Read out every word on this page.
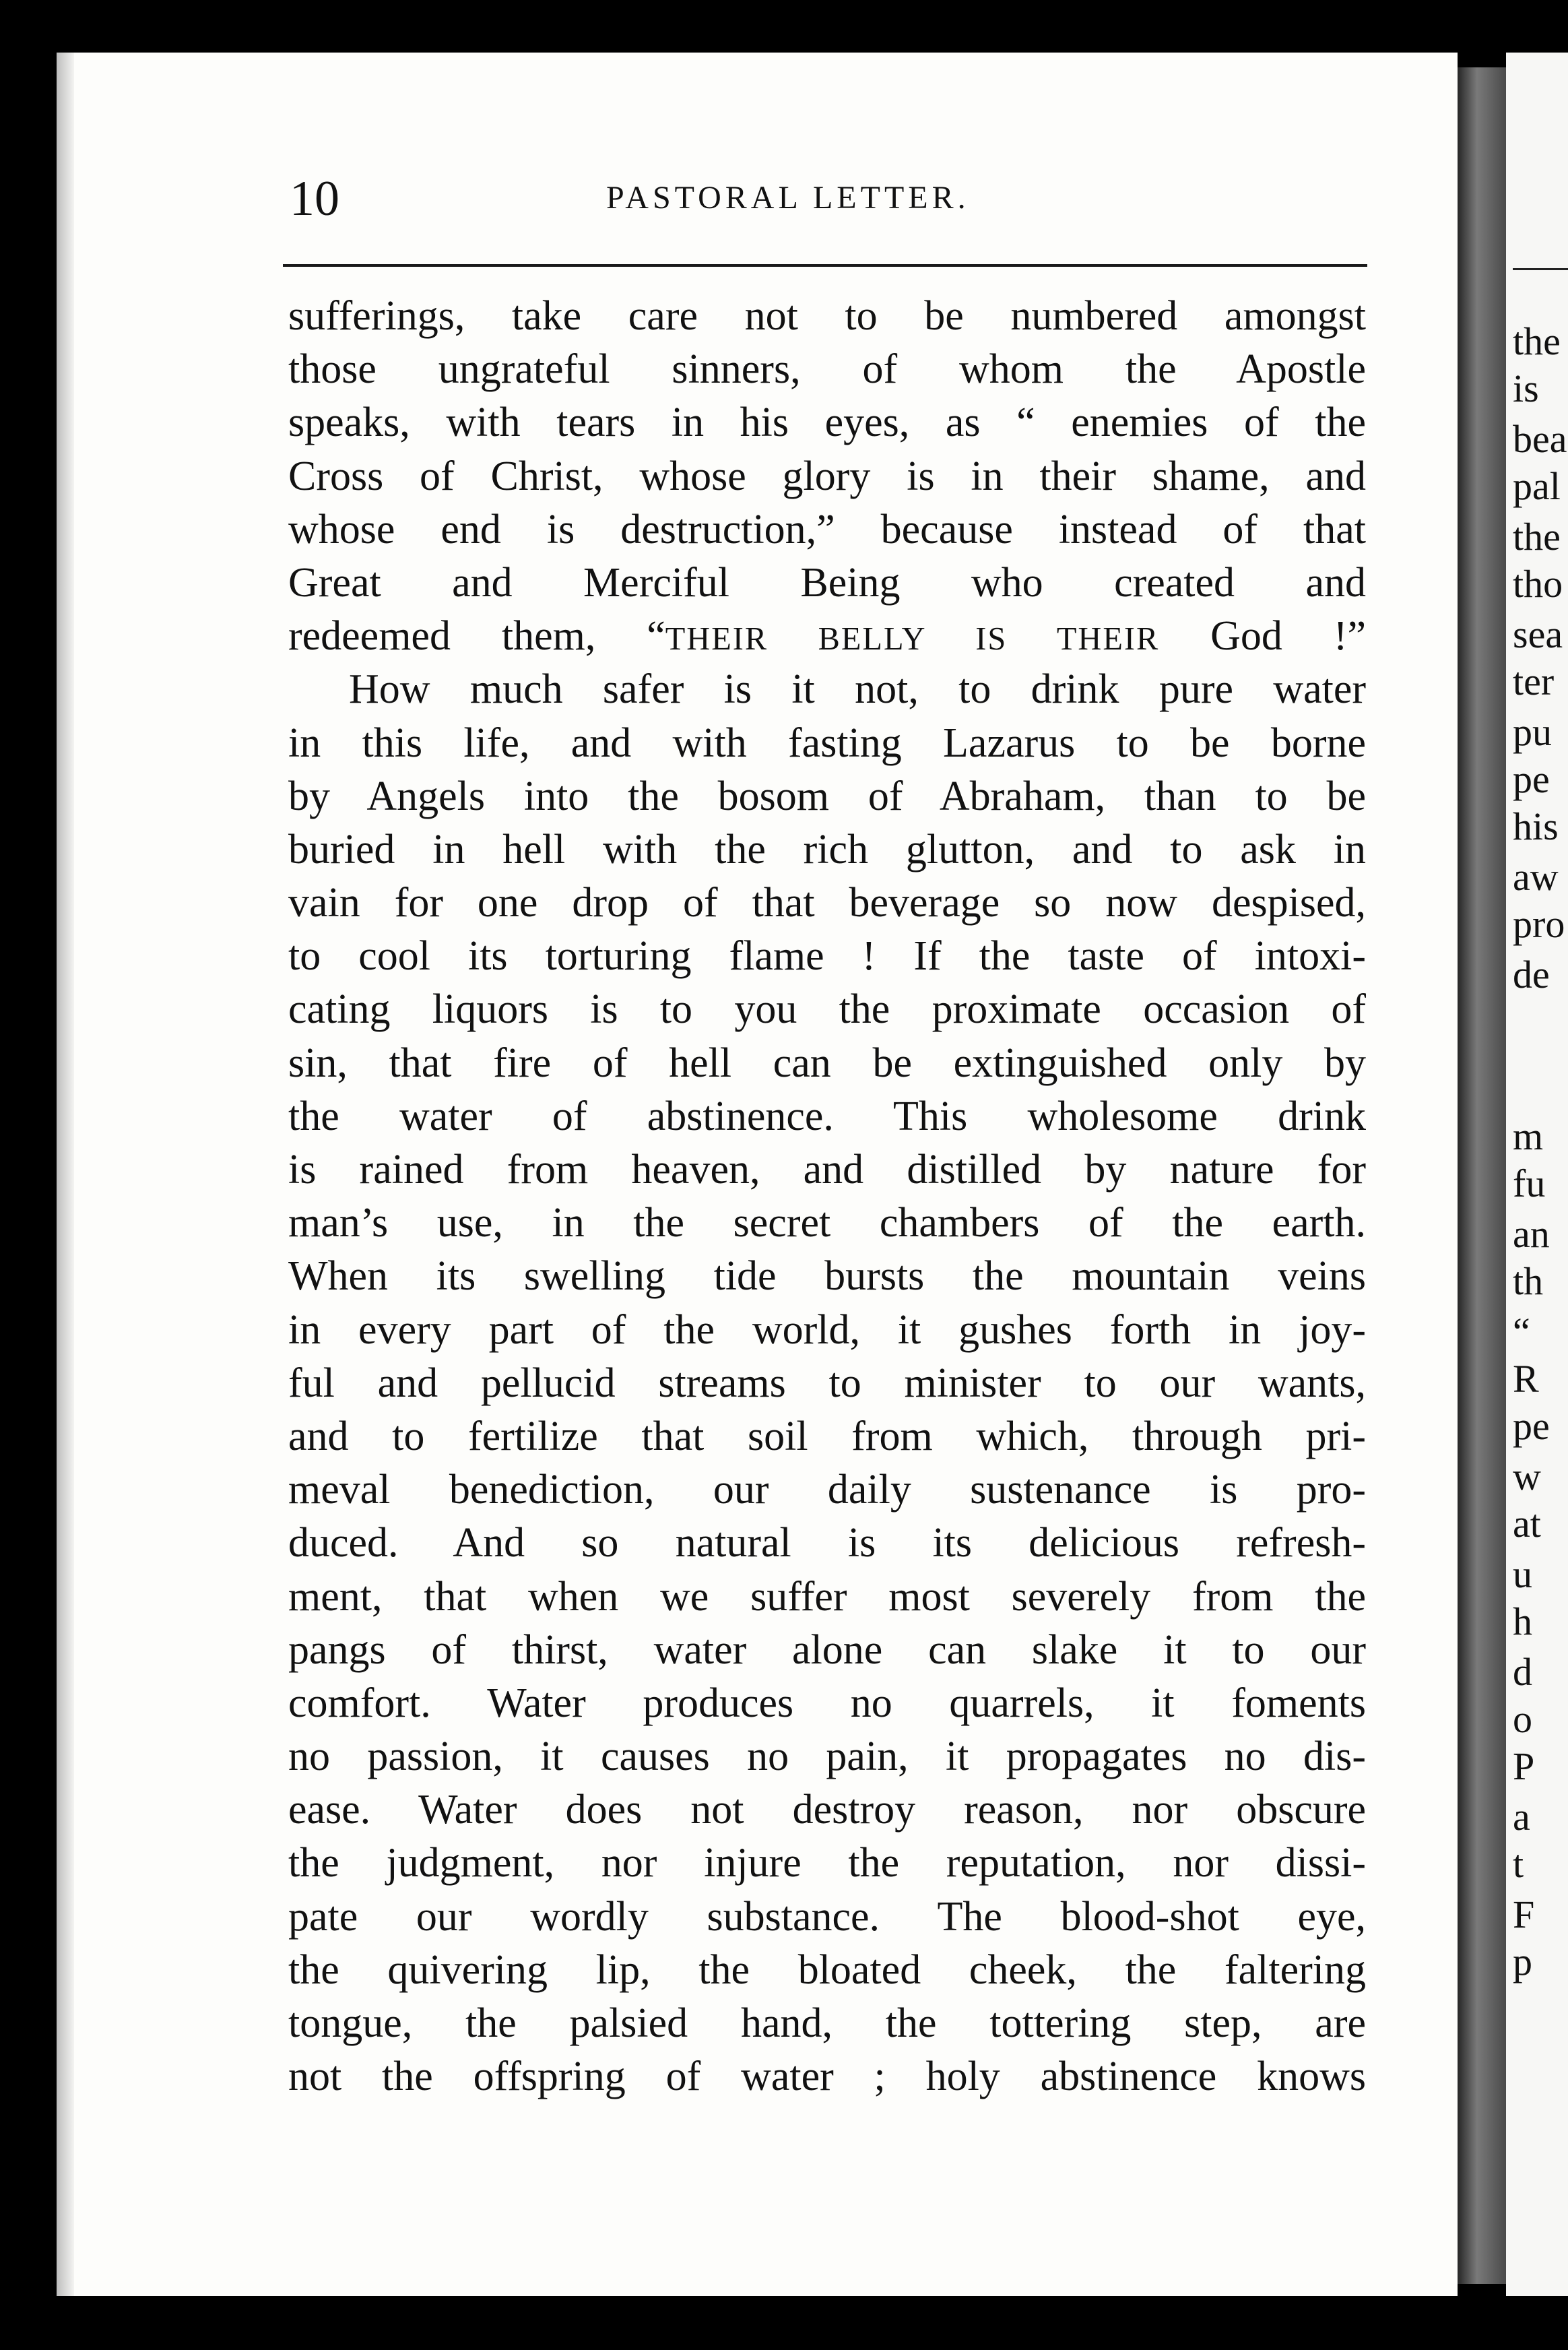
the
is
bea
pal
the
tho
sea
ter
pu
pe
his
aw
pro
de
m
fu
an
th
“
R
pe
w
at
u
h
d
o
P
a
t
F
p
10	PASTORAL LETTER.
sufferings, take care not to be numbered amongst
those ungrateful sinners, of whom the Apostle
speaks, with tears in his eyes, as “ enemies of the
Cross of Christ, whose glory is in their shame, and
whose end is destruction,” because instead of that
Great and Merciful Being who created and
redeemed them, “THEIR BELLY IS THEIR God !”
How much safer is it not, to drink pure water
in this life, and with fasting Lazarus to be borne
by Angels into the bosom of Abraham, than to be
buried in hell with the rich glutton, and to ask in
vain for one drop of that beverage so now despised,
to cool its torturing flame ! If the taste of intoxi-
cating liquors is to you the proximate occasion of
sin, that fire of hell can be extinguished only by
the water of abstinence. This wholesome drink
is rained from heaven, and distilled by nature for
man’s use, in the secret chambers of the earth.
When its swelling tide bursts the mountain veins
in every part of the world, it gushes forth in joy-
ful and pellucid streams to minister to our wants,
and to fertilize that soil from which, through pri-
meval benediction, our daily sustenance is pro-
duced. And so natural is its delicious refresh-
ment, that when we suffer most severely from the
pangs of thirst, water alone can slake it to our
comfort. Water produces no quarrels, it foments
no passion, it causes no pain, it propagates no dis-
ease. Water does not destroy reason, nor obscure
the judgment, nor injure the reputation, nor dissi-
pate our wordly substance. The blood-shot eye,
the quivering lip, the bloated cheek, the faltering
tongue, the palsied hand, the tottering step, are
not the offspring of water ; holy abstinence knows
